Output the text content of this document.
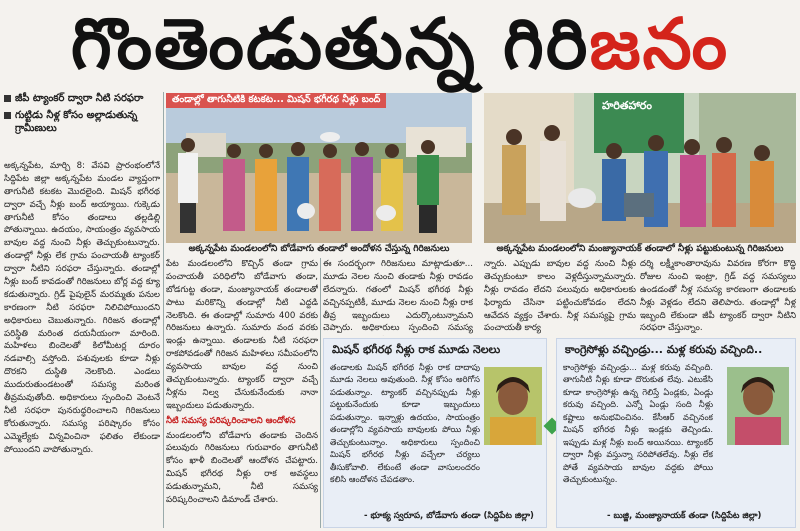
గొంతెండుతున్న గిరిజనం
జీపీ ట్యాంకర్ ద్వారా నీటి సరఫరా
గుట్టిడు నీళ్ల కోసం అల్లాడుతున్న గ్రామీణులు

అక్కన్నపేట, మార్చి 8: వేసవి ప్రారంభంలోనే సిద్దిపేట జిల్లా అక్కన్నపేట మండల వ్యాప్తంగా తాగునీటి కటకట మొదలైంది. మిషన్ భగీరథ ద్వారా వచ్చే నీళ్లు బంద్ అయ్యాయి. గుక్కెడు తాగునీటి కోసం తండాలు తల్లడిల్లి పోతున్నాయి. ఉదయం, సాయంత్రం వ్యవసాయ బావుల వద్ద నుంచి నీళ్లు తెచ్చుకుంటున్నారు. తండాల్లో నీళ్లు లేక గ్రామ పంచాయతీ ట్యాంకర్ ద్వారా నీటిని సరఫరా చేస్తున్నారు. తండాల్లో నీళ్లు బంద్ కావడంతో గిరిజనులు బోర్ల వద్ద క్యూ కడుతున్నారు. గ్రిడ్ పైపులైన్ మరమ్మతు పనుల కారణంగా నీటి సరఫరా నిలిచిపోయిందని అధికారులు చెబుతున్నారు. గిరిజన తండాల్లో పరిస్థితి మరింత దయనీయంగా మారింది. మహిళలు బిందెలతో కిలోమీటర్ల దూరం నడవాల్సి వస్తోంది. పశువులకు కూడా నీళ్లు దొరకని దుస్థితి నెలకొంది. ఎండలు ముదురుతుండటంతో సమస్య మరింత తీవ్రమవుతోంది. అధికారులు స్పందించి వెంటనే నీటి సరఫరా పునరుద్ధరించాలని గిరిజనులు కోరుతున్నారు. సమస్య పరిష్కారం కోసం ఎమ్మెల్యేకు విన్నవించినా ఫలితం లేకుండా పోయిందని వాపోతున్నారు.

తండాల్లో తాగునీటికి కటకట... మిషన్ భగీరథ నీళ్లు బంద్
అక్కన్నపేట మండలంలోని బోడేవాగు తండాలో అందోళన చేస్తున్న గిరిజనులు
హరితహారం
అక్కన్నపేట మండలంలోని మంజ్యానాయక్ తండాలో నీళ్లు పట్టుకుంటున్న గిరిజనులు

పేట మండలంలోని కొచ్చిన్ తండా గ్రామ పంచాయతీ పరిధిలోని బోడేవాగు తండా, బోడగుట్ట తండా, మంజ్యానాయక్ తండాలతో పాటు మరికొన్ని తండాల్లో నీటి ఎద్దడి నెలకొంది. ఈ తండాల్లో సుమారు 400 వరకు గిరిజనులు ఉన్నారు. సుమారు వంద వరకు ఇండ్లు ఉన్నాయి. తండాలకు నీటి సరఫరా రాకపోవడంతో గిరిజన మహిళలు సమీపంలోని వ్యవసాయ బావుల వద్ద నుంచి తెచ్చుకుంటున్నారు. ట్యాంకర్ ద్వారా వచ్చే నీళ్లను నిల్వ చేసుకునేందుకు నానా ఇబ్బందులు పడుతున్నారు.

నీటి సమస్య పరిష్కరించాలని ఆందోళన

మండలంలోని బోడేవాగు తండాకు చెందిన పలువురు గిరిజనులు గురువారం తాగునీటి కోసం ఖాళీ బిందెలతో ఆందోళన చేపట్టారు. మిషన్ భగీరథ నీళ్లు రాక అవస్థలు పడుతున్నామని, నీటి సమస్య పరిష్కరించాలని డిమాండ్ చేశారు.

ఈ సందర్భంగా గిరిజనులు మాట్లాడుతూ... మూడు నెలల నుంచి తండాకు నీళ్లు రావడం లేదన్నారు. గతంలో మిషన్ భగీరథ నీళ్లు వచ్చినప్పటికీ, మూడు నెలల నుంచి నీళ్లు రాక తీవ్ర ఇబ్బందులు ఎదుర్కొంటున్నామని చెప్పారు. అధికారులు స్పందించి సమస్య

న్నారు. ఎప్పుడు బావుల వద్ద నుంచి నీళ్లు తెచ్చుకుంటూ కాలం వెళ్లదీస్తున్నామన్నారు. నీళ్లు రావడం లేదని పలువురు అధికారులకు ఫిర్యాదు చేసినా పట్టించుకోవడం లేదని ఆవేదన వ్యక్తం చేశారు. నీళ్ల సమస్యపై గ్రామ పంచాయతీ కార్య

దర్శి లక్ష్మీకాంతారావును వివరణ కోరగా కొద్ది రోజుల నుంచి ఇంట్రా, గ్రిడ్ వద్ద సమస్యలు ఉండడంతో నీళ్ల సమస్య కారణంగా తండాలకు నీళ్లు వెళ్లడం లేదని తెలిపారు. తండాల్లో నీళ్ల ఇబ్బంది లేకుండా జీపీ ట్యాంకర్ ద్వారా నీటిని సరఫరా చేస్తున్నాం.

మిషన్ భగీరథ నీళ్లు రాక మూడు నెలలు

తండాలకు మిషన్ భగీరథ నీళ్లు రాక దాదాపు మూడు నెలలు అవుతుంది. నీళ్ల కోసం అరిగోస పడుతున్నాం. ట్యాంకర్ వచ్చినప్పుడు నీళ్లు పట్టుకునేందుకు కూడా ఇబ్బందులు పడుతున్నాం. ఇన్నాళ్లు ఉదయం, సాయంత్రం తండాల్లోని వ్యవసాయ బావులకు పోయి నీళ్లు తెచ్చుకుంటున్నాం. అధికారులు స్పందించి మిషన్ భగీరథ నీళ్లు వచ్చేలా చర్యలు తీసుకోవాలి. లేకుంటే తండా వాసులందరం కలిసి ఆందోళన చేపడతాం.

- భూక్య స్వరూప, బోడేవాగు తండా (సిద్దిపేట జిల్లా)
కాంగ్రెసోళ్లు వచ్చిండ్రు... మళ్ల కరువు వచ్చింది..

కాంగ్రెసోళ్లు వచ్చిండ్రు... మళ్ల కరువు వచ్చింది. తాగునీటి నీళ్లు కూడా దొరుకుత లేవు. ఎటుకేసి కూడా కాంగ్రెసోళ్లు ఉన్న గెలిస్తే ఏండ్లకు, ఏండ్లు కరువు వచ్చింది. ఎన్నో ఏండ్లు సంది నీళ్లు కష్టాలు అనుభవించినం. కేసీఆర్ వచ్చినంక మిషన్ భగీరథ నీళ్లు ఇండ్లకు తెచ్చిండు. ఇప్పుడు మళ్ల నీళ్లు బంద్ అయినయి. ట్యాంకర్ ద్వారా నీళ్లు వస్తున్నా సరిపోతలేవు. నీళ్లు లేక పోతే వ్యవసాయ బావుల వద్దకు పోయి తెచ్చుకుంటున్నం.

- బుజ్జి, మంజ్యానాయక్ తండా (సిద్దిపేట జిల్లా)
